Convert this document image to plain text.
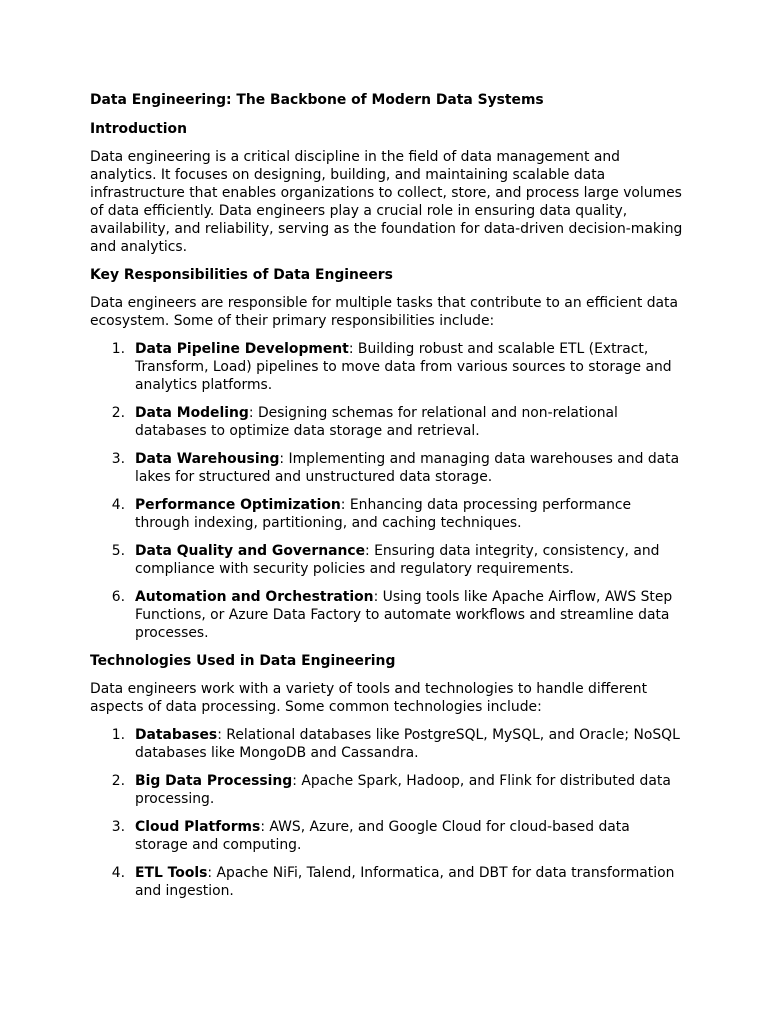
Data Engineering: The Backbone of Modern Data Systems
Introduction

Data engineering is a critical discipline in the field of data management and analytics. It focuses on designing, building, and maintaining scalable data infrastructure that enables organizations to collect, store, and process large volumes of data efficiently. Data engineers play a crucial role in ensuring data quality, availability, and reliability, serving as the foundation for data-driven decision-making and analytics.

Key Responsibilities of Data Engineers

Data engineers are responsible for multiple tasks that contribute to an efficient data ecosystem. Some of their primary responsibilities include:

1. Data Pipeline Development: Building robust and scalable ETL (Extract, Transform, Load) pipelines to move data from various sources to storage and analytics platforms.
2. Data Modeling: Designing schemas for relational and non-relational databases to optimize data storage and retrieval.
3. Data Warehousing: Implementing and managing data warehouses and data lakes for structured and unstructured data storage.
4. Performance Optimization: Enhancing data processing performance through indexing, partitioning, and caching techniques.
5. Data Quality and Governance: Ensuring data integrity, consistency, and compliance with security policies and regulatory requirements.
6. Automation and Orchestration: Using tools like Apache Airflow, AWS Step Functions, or Azure Data Factory to automate workflows and streamline data processes.
Technologies Used in Data Engineering

Data engineers work with a variety of tools and technologies to handle different aspects of data processing. Some common technologies include:

1. Databases: Relational databases like PostgreSQL, MySQL, and Oracle; NoSQL databases like MongoDB and Cassandra.
2. Big Data Processing: Apache Spark, Hadoop, and Flink for distributed data processing.
3. Cloud Platforms: AWS, Azure, and Google Cloud for cloud-based data storage and computing.
4. ETL Tools: Apache NiFi, Talend, Informatica, and DBT for data transformation and ingestion.
